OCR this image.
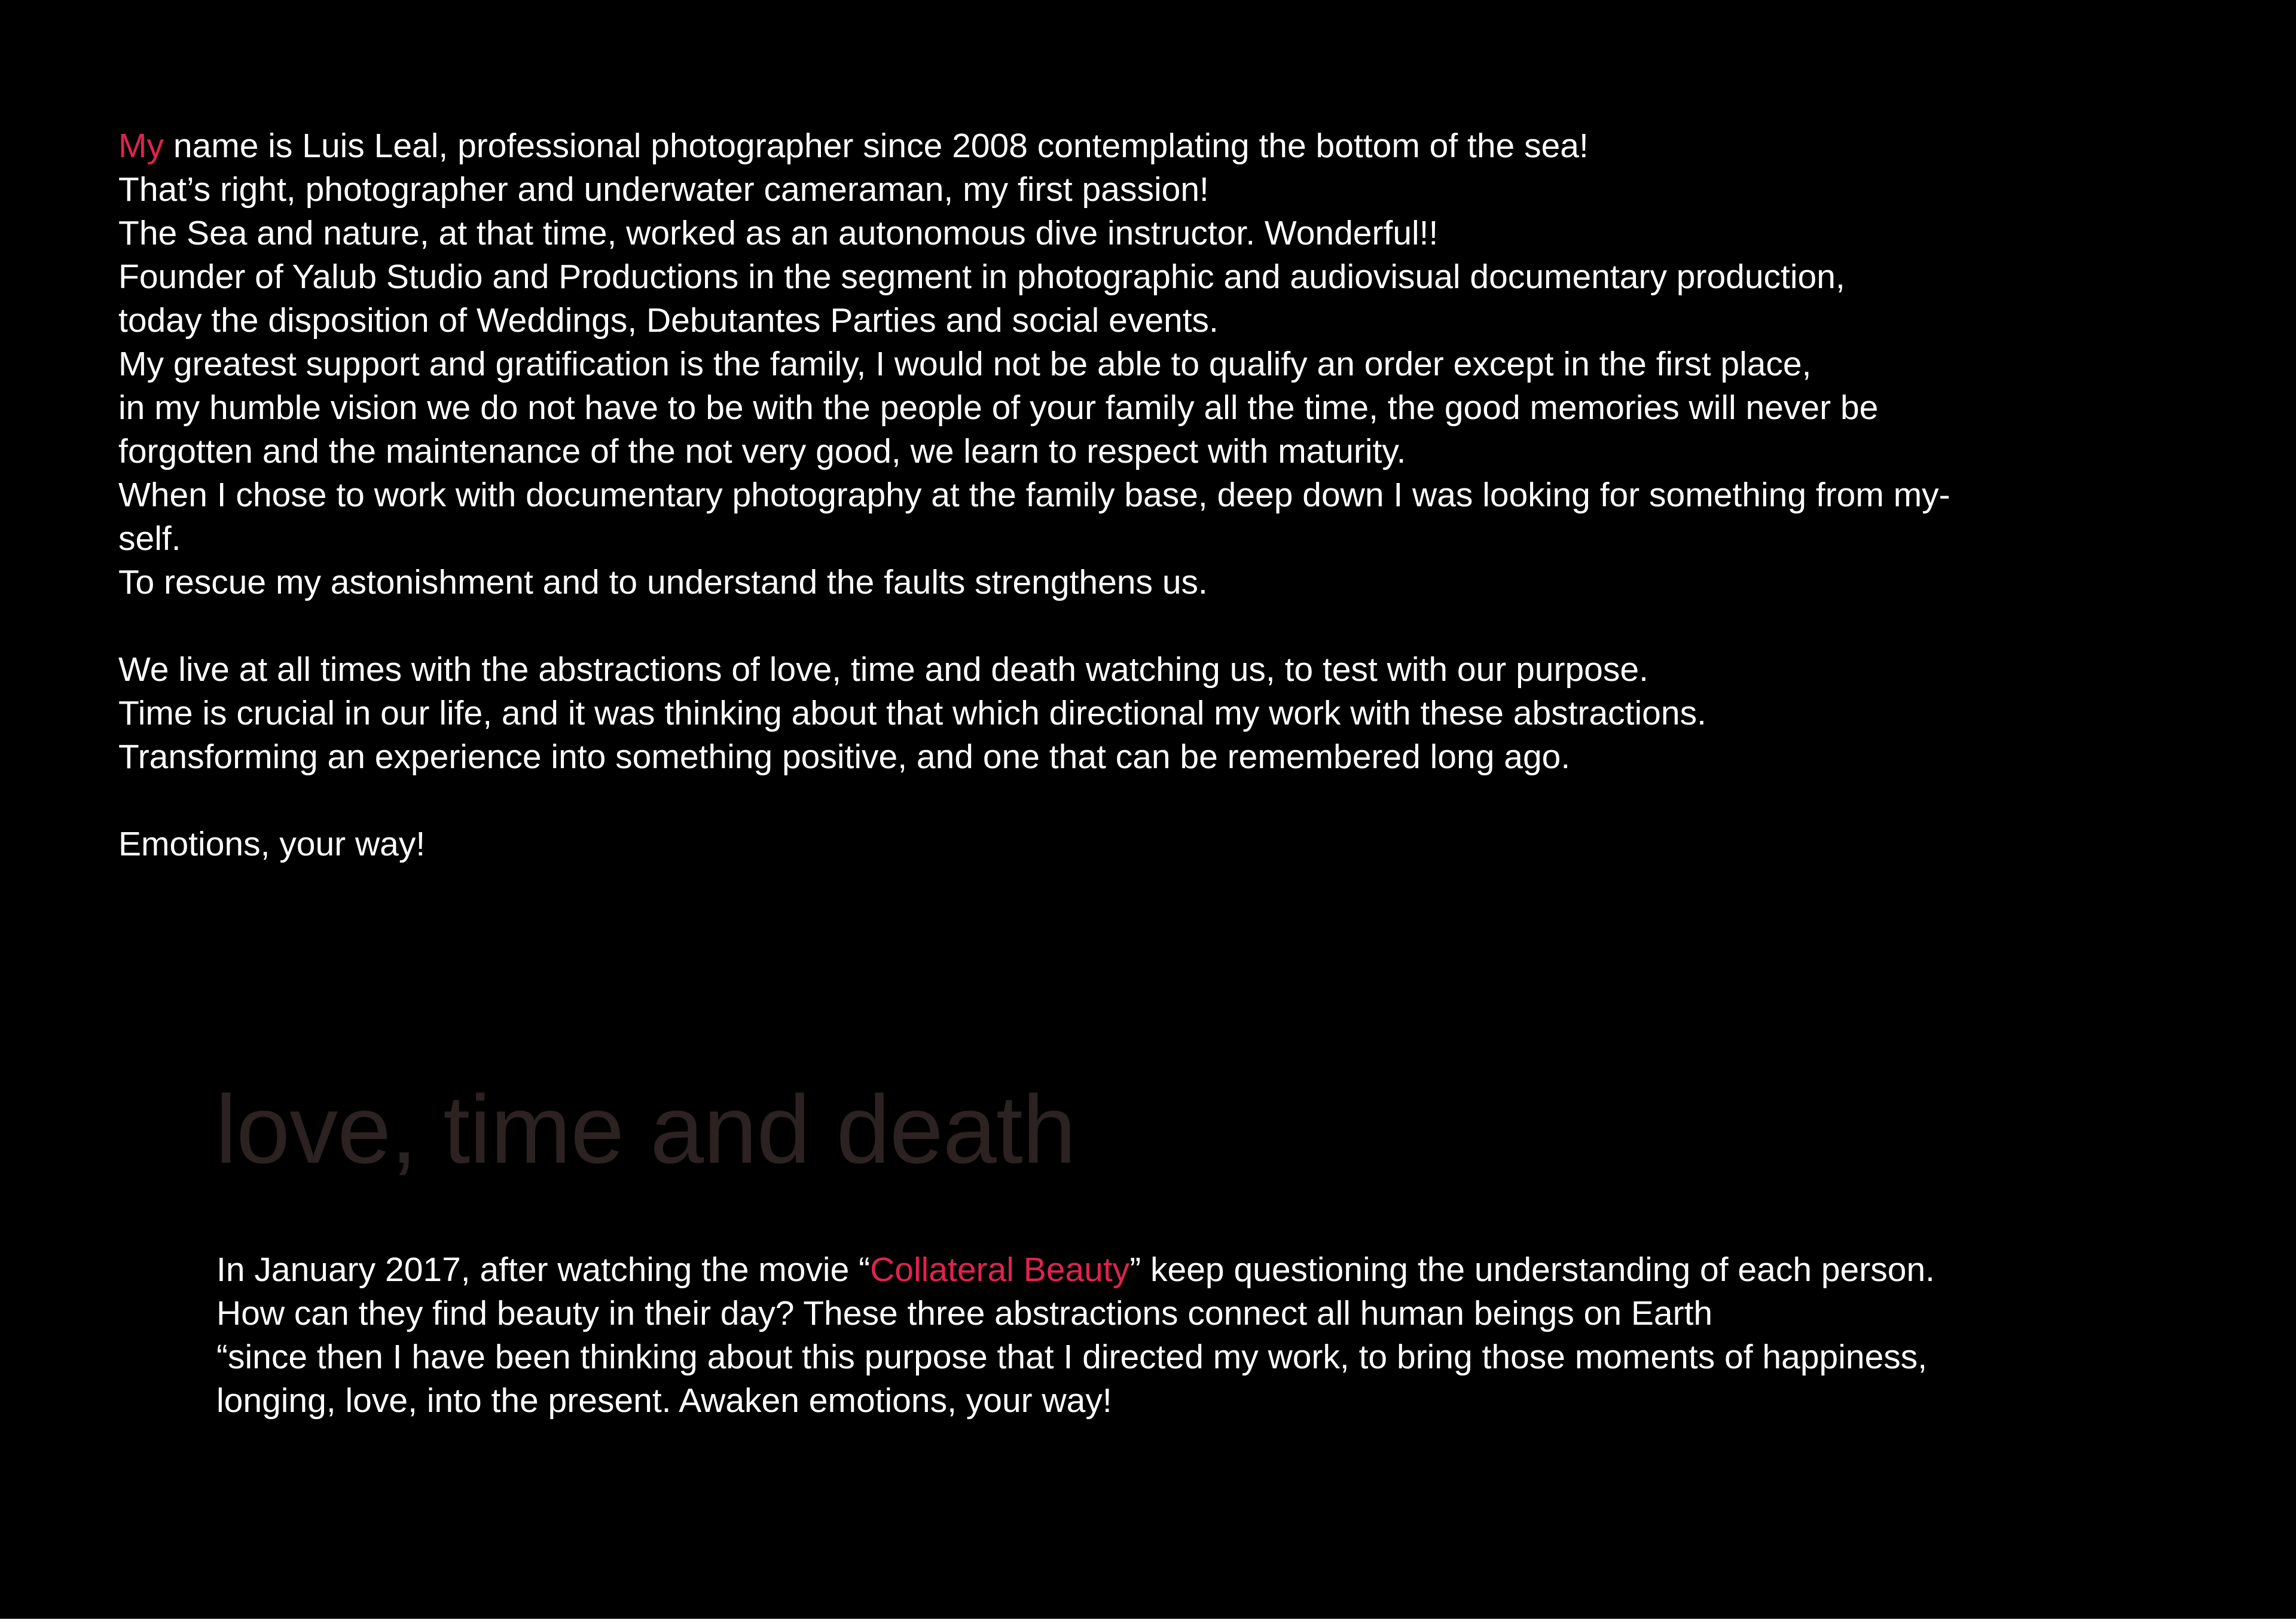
My name is Luis Leal, professional photographer since 2008 contemplating the bottom of the sea!
That’s right, photographer and underwater cameraman, my first passion!
The Sea and nature, at that time, worked as an autonomous dive instructor. Wonderful!!
Founder of Yalub Studio and Productions in the segment in photographic and audiovisual documentary production,
today the disposition of Weddings, Debutantes Parties and social events.
My greatest support and gratification is the family, I would not be able to qualify an order except in the first place,
in my humble vision we do not have to be with the people of your family all the time, the good memories will never be
forgotten and the maintenance of the not very good, we learn to respect with maturity.
When I chose to work with documentary photography at the family base, deep down I was looking for something from my-
self.
To rescue my astonishment and to understand the faults strengthens us.
We live at all times with the abstractions of love, time and death watching us, to test with our purpose.
Time is crucial in our life, and it was thinking about that which directional my work with these abstractions.
Transforming an experience into something positive, and one that can be remembered long ago.
Emotions, your way!
love, time and death
In January 2017, after watching the movie “Collateral Beauty” keep questioning the understanding of each person.
How can they find beauty in their day? These three abstractions connect all human beings on Earth
“since then I have been thinking about this purpose that I directed my work, to bring those moments of happiness,
longing, love, into the present. Awaken emotions, your way!
